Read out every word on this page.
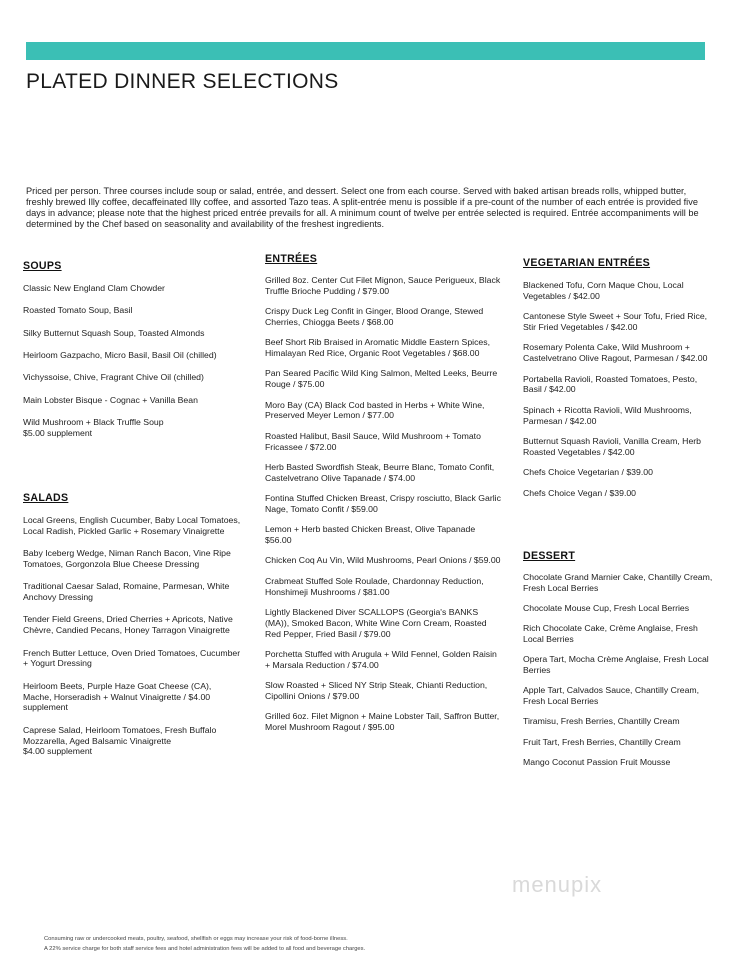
PLATED DINNER SELECTIONS

Priced per person. Three courses include soup or salad, entrée, and dessert. Select one from each course. Served with baked artisan breads rolls, whipped butter, freshly brewed Illy coffee, decaffeinated Illy coffee, and assorted Tazo teas. A split-entrée menu is possible if a pre-count of the number of each entrée is provided five days in advance; please note that the highest priced entrée prevails for all. A minimum count of twelve per entrée selected is required. Entrée accompaniments will be determined by the Chef based on seasonality and availability of the freshest ingredients.

SOUPS
Classic New England Clam Chowder
Roasted Tomato Soup, Basil
Silky Butternut Squash Soup, Toasted Almonds
Heirloom Gazpacho, Micro Basil, Basil Oil (chilled)
Vichyssoise, Chive, Fragrant Chive Oil (chilled)
Main Lobster Bisque - Cognac + Vanilla Bean
Wild Mushroom + Black Truffle Soup
$5.00 supplement
SALADS
Local Greens, English Cucumber, Baby Local Tomatoes, Local Radish, Pickled Garlic + Rosemary Vinaigrette
Baby Iceberg Wedge, Niman Ranch Bacon, Vine Ripe Tomatoes, Gorgonzola Blue Cheese Dressing
Traditional Caesar Salad, Romaine, Parmesan, White Anchovy Dressing
Tender Field Greens, Dried Cherries + Apricots, Native Chèvre, Candied Pecans, Honey Tarragon Vinaigrette
French Butter Lettuce, Oven Dried Tomatoes, Cucumber + Yogurt Dressing
Heirloom Beets, Purple Haze Goat Cheese (CA), Mache, Horseradish + Walnut Vinaigrette / $4.00 supplement
Caprese Salad, Heirloom Tomatoes, Fresh Buffalo Mozzarella, Aged Balsamic Vinaigrette
$4.00 supplement
ENTRÉES
Grilled 8oz. Center Cut Filet Mignon, Sauce Perigueux, Black Truffle Brioche Pudding / $79.00
Crispy Duck Leg Confit in Ginger, Blood Orange, Stewed Cherries, Chiogga Beets / $68.00
Beef Short Rib Braised in Aromatic Middle Eastern Spices, Himalayan Red Rice, Organic Root Vegetables / $68.00
Pan Seared Pacific Wild King Salmon, Melted Leeks, Beurre Rouge / $75.00
Moro Bay (CA) Black Cod basted in Herbs + White Wine, Preserved Meyer Lemon / $77.00
Roasted Halibut, Basil Sauce, Wild Mushroom + Tomato Fricassee / $72.00
Herb Basted Swordfish Steak, Beurre Blanc, Tomato Confit, Castelvetrano Olive Tapanade / $74.00
Fontina Stuffed Chicken Breast, Crispy rosciutto, Black Garlic Nage, Tomato Confit / $59.00
Lemon + Herb basted Chicken Breast, Olive Tapanade
$56.00
Chicken Coq Au Vin, Wild Mushrooms, Pearl Onions / $59.00
Crabmeat Stuffed Sole Roulade, Chardonnay Reduction, Honshimeji Mushrooms / $81.00
Lightly Blackened Diver SCALLOPS (Georgia's BANKS (MA)), Smoked Bacon, White Wine Corn Cream, Roasted Red Pepper, Fried Basil / $79.00
Porchetta Stuffed with Arugula + Wild Fennel, Golden Raisin + Marsala Reduction / $74.00
Slow Roasted + Sliced NY Strip Steak, Chianti Reduction, Cipollini Onions / $79.00
Grilled 6oz. Filet Mignon + Maine Lobster Tail, Saffron Butter, Morel Mushroom Ragout / $95.00
VEGETARIAN ENTRÉES
Blackened Tofu, Corn Maque Chou, Local Vegetables / $42.00
Cantonese Style Sweet + Sour Tofu, Fried Rice, Stir Fried Vegetables / $42.00
Rosemary Polenta Cake, Wild Mushroom + Castelvetrano Olive Ragout, Parmesan / $42.00
Portabella Ravioli, Roasted Tomatoes, Pesto, Basil / $42.00
Spinach + Ricotta Ravioli, Wild Mushrooms, Parmesan / $42.00
Butternut Squash Ravioli, Vanilla Cream, Herb Roasted Vegetables / $42.00
Chefs Choice Vegetarian / $39.00
Chefs Choice Vegan / $39.00
DESSERT
Chocolate Grand Marnier Cake, Chantilly Cream, Fresh Local Berries
Chocolate Mouse Cup, Fresh Local Berries
Rich Chocolate Cake, Crème Anglaise, Fresh Local Berries
Opera Tart, Mocha Crème Anglaise, Fresh Local Berries
Apple Tart, Calvados Sauce, Chantilly Cream, Fresh Local Berries
Tiramisu, Fresh Berries, Chantilly Cream
Fruit Tart, Fresh Berries, Chantilly Cream
Mango Coconut Passion Fruit Mousse
menupix

Consuming raw or undercooked meats, poultry, seafood, shellfish or eggs may increase your risk of food-borne illness.

A 22% service charge for both staff service fees and hotel administration fees will be added to all food and beverage charges.
